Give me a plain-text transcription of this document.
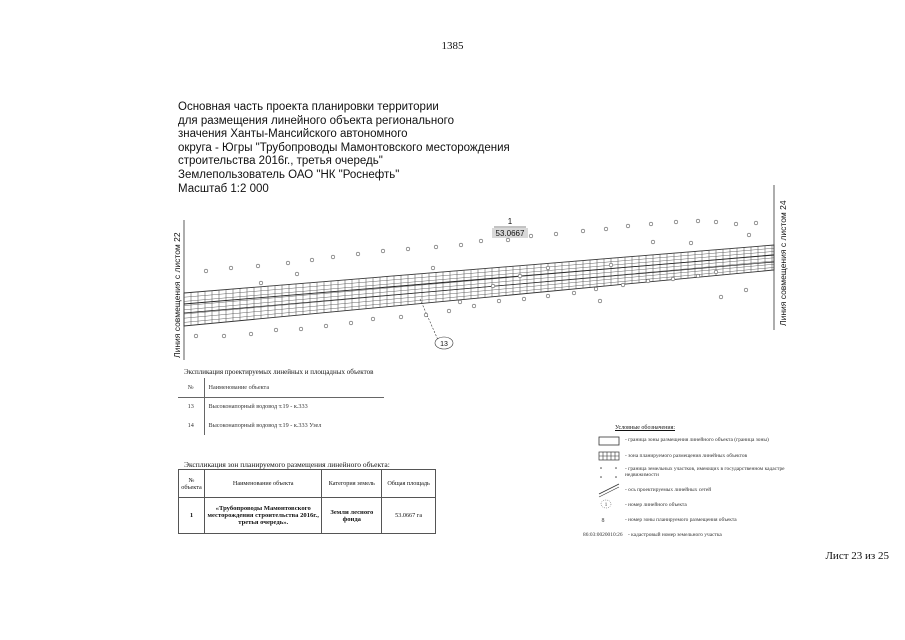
1385
Основная часть проекта планировки территории
для размещения линейного объекта регионального
значения Ханты-Мансийского автономного
округа - Югры "Трубопроводы Мамонтовского месторождения
строительства 2016г., третья очередь"
Землепользователь ОАО "НК "Роснефть"
Масштаб 1:2 000
Линия совмещения с листом 22	Линия совмещения с листом 24
1
53.0667
13
1
8
Экспликация проектируемых линейных и площадных объектов
№	Наименование объекта
13	Высоконапорный водовод т.19 - к.333
14	Высоконапорный водовод т.19 - к.333 Узел
Экспликация зон планируемого размещения линейного объекта:
№ объекта	Наименование объекта	Категория земель	Общая площадь
1	«Трубопроводы Мамонтовского месторождения строительства 2016г., третья очередь».	Земли лесного фонда	53.0667 га
Условные обозначения:
- граница зоны размещения линейного объекта (граница зоны)
- зона планируемого размещения линейных объектов
- граница земельных участков, имеющих в государственном кадастре недвижимости
- ось проектируемых линейных сетей
- номер линейного объекта
- номер зоны планируемого размещения объекта
86:03:0020010:26 - кадастровый номер земельного участка
Лист 23 из 25
